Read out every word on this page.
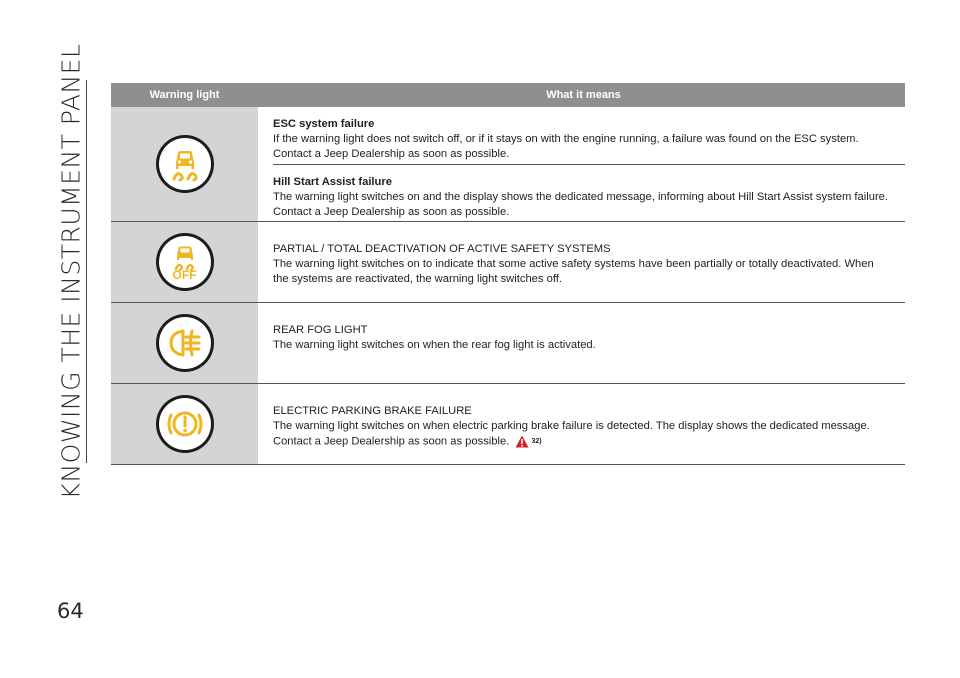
KNOWING THE INSTRUMENT PANEL
64
Warning light	What it means
ESC system failure
If the warning light does not switch off, or if it stays on with the engine running, a failure was found on the ESC system. Contact a Jeep Dealership as soon as possible.
Hill Start Assist failure
The warning light switches on and the display shows the dedicated message, informing about Hill Start Assist system failure. Contact a Jeep Dealership as soon as possible.
OFF
PARTIAL / TOTAL DEACTIVATION OF ACTIVE SAFETY SYSTEMS
The warning light switches on to indicate that some active safety systems have been partially or totally deactivated. When the systems are reactivated, the warning light switches off.
REAR FOG LIGHT
The warning light switches on when the rear fog light is activated.
ELECTRIC PARKING BRAKE FAILURE
The warning light switches on when electric parking brake failure is detected. The display shows the dedicated message. Contact a Jeep Dealership as soon as possible.	32)
